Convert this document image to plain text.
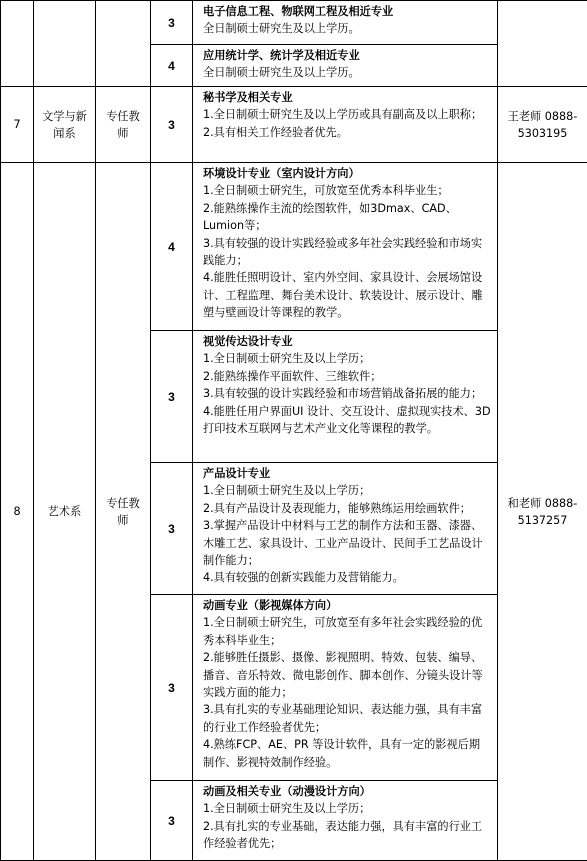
			3	电子信息工程、物联网工程及相近专业
全日制硕士研究生及以上学历。	

			4	应用统计学、统计学及相近专业
全日制硕士研究生及以上学历。	

7	文学与新闻系	专任教师	3	秘书学及相关专业
1.全日制硕士研究生及以上学历或具有副高及以上职称；
2.具有相关工作经验者优先。	王老师 0888-5303195
8	艺术系	专任教师	4	环境设计专业（室内设计方向）
1.全日制硕士研究生，可放宽至优秀本科毕业生；
2.能熟练操作主流的绘图软件，如3Dmax、CAD、Lumion等；
3.具有较强的设计实践经验或多年社会实践经验和市场实践能力；
4.能胜任照明设计、室内外空间、家具设计、会展场馆设计、工程监理、舞台美术设计、软装设计、展示设计、雕塑与壁画设计等课程的教学。	和老师 0888-5137257
			3	视觉传达设计专业
1.全日制硕士研究生及以上学历；
2.能熟练操作平面软件、三维软件；
3.具有较强的设计实践经验和市场营销战备拓展的能力；
4.能胜任用户界面UI 设计、交互设计、虚拟现实技术、3D 打印技术互联网与艺术产业文化等课程的教学。	

			3	产品设计专业
1.全日制硕士研究生及以上学历；
2.具有产品设计及表现能力，能够熟练运用绘画软件；
3.掌握产品设计中材料与工艺的制作方法和玉器、漆器、木雕工艺、家具设计、工业产品设计、民间手工艺品设计制作能力；
4.具有较强的创新实践能力及营销能力。	

			3	动画专业（影视媒体方向）
1.全日制硕士研究生，可放宽至有多年社会实践经验的优秀本科毕业生；
2.能够胜任摄影、摄像、影视照明、特效、包装、编导、播音、音乐特效、微电影创作、脚本创作、分镜头设计等实践方面的能力；
3.具有扎实的专业基础理论知识、表达能力强，具有丰富的行业工作经验者优先；
4.熟练FCP、AE、PR 等设计软件，具有一定的影视后期制作、影视特效制作经验。	

			3	动画及相关专业（动漫设计方向）
1.全日制硕士研究生及以上学历；
2.具有扎实的专业基础，表达能力强，具有丰富的行业工作经验者优先；	
